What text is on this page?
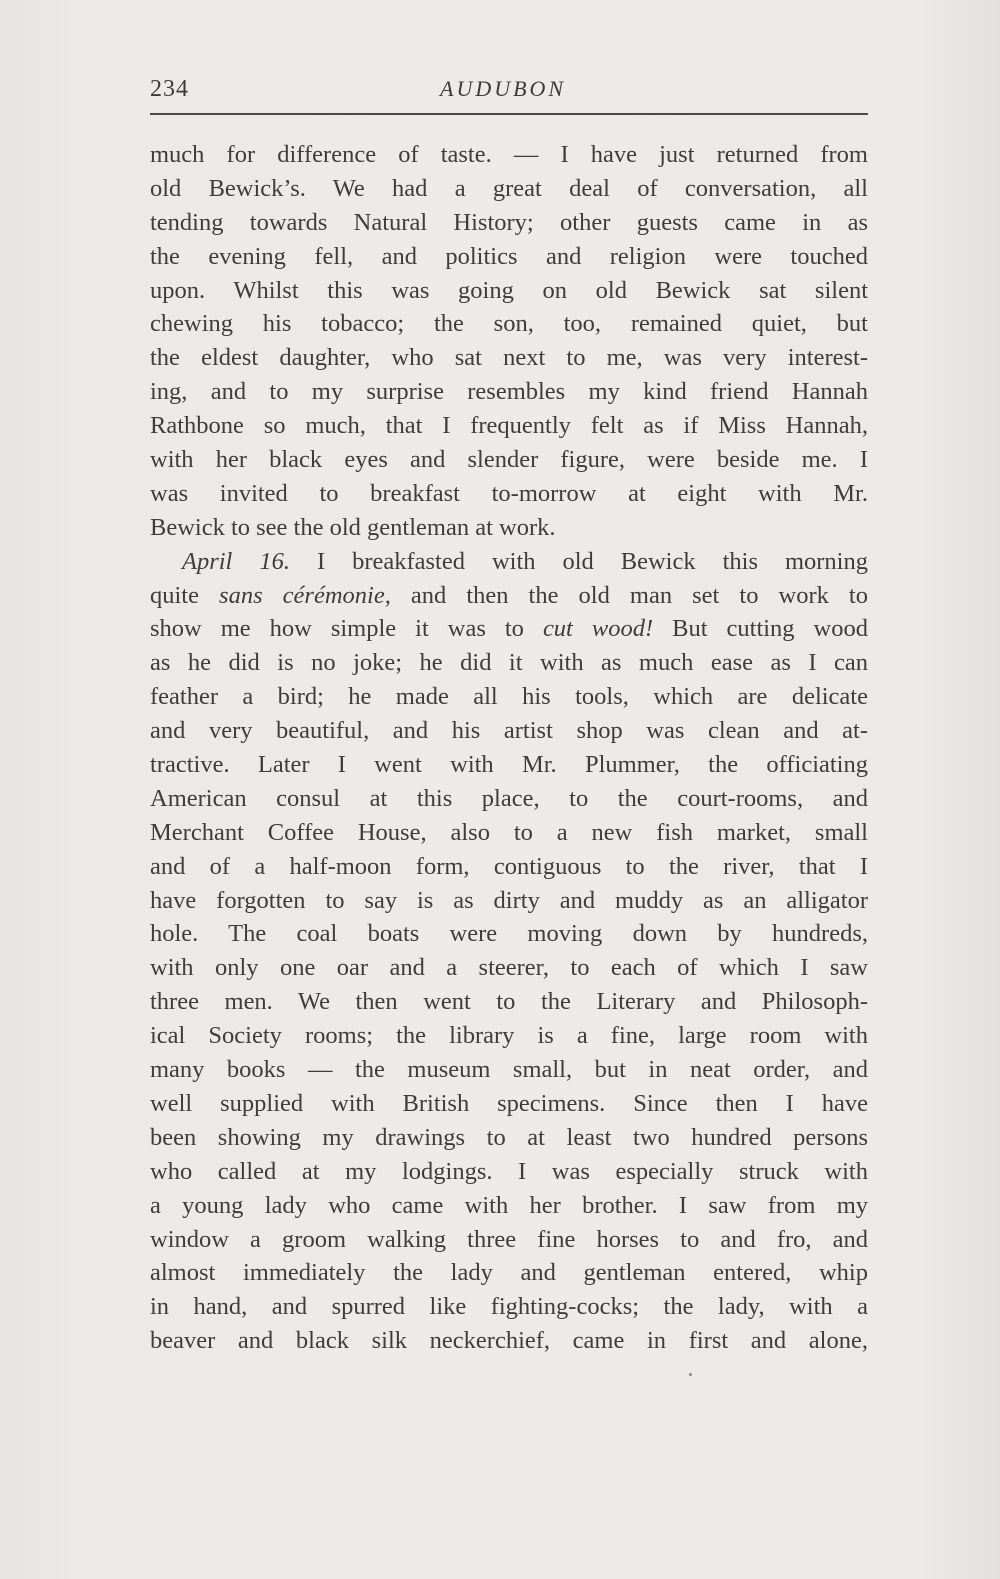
234	AUDUBON
much for difference of taste. — I have just returned from
old Bewick’s. We had a great deal of conversation, all
tending towards Natural History; other guests came in as
the evening fell, and politics and religion were touched
upon. Whilst this was going on old Bewick sat silent
chewing his tobacco; the son, too, remained quiet, but
the eldest daughter, who sat next to me, was very interest-
ing, and to my surprise resembles my kind friend Hannah
Rathbone so much, that I frequently felt as if Miss Hannah,
with her black eyes and slender figure, were beside me. I
was invited to breakfast to-morrow at eight with Mr.
Bewick to see the old gentleman at work.
April 16. I breakfasted with old Bewick this morning
quite sans cérémonie, and then the old man set to work to
show me how simple it was to cut wood! But cutting wood
as he did is no joke; he did it with as much ease as I can
feather a bird; he made all his tools, which are delicate
and very beautiful, and his artist shop was clean and at-
tractive. Later I went with Mr. Plummer, the officiating
American consul at this place, to the court-rooms, and
Merchant Coffee House, also to a new fish market, small
and of a half-moon form, contiguous to the river, that I
have forgotten to say is as dirty and muddy as an alligator
hole. The coal boats were moving down by hundreds,
with only one oar and a steerer, to each of which I saw
three men. We then went to the Literary and Philosoph-
ical Society rooms; the library is a fine, large room with
many books — the museum small, but in neat order, and
well supplied with British specimens. Since then I have
been showing my drawings to at least two hundred persons
who called at my lodgings. I was especially struck with
a young lady who came with her brother. I saw from my
window a groom walking three fine horses to and fro, and
almost immediately the lady and gentleman entered, whip
in hand, and spurred like fighting-cocks; the lady, with a
beaver and black silk neckerchief, came in first and alone,
